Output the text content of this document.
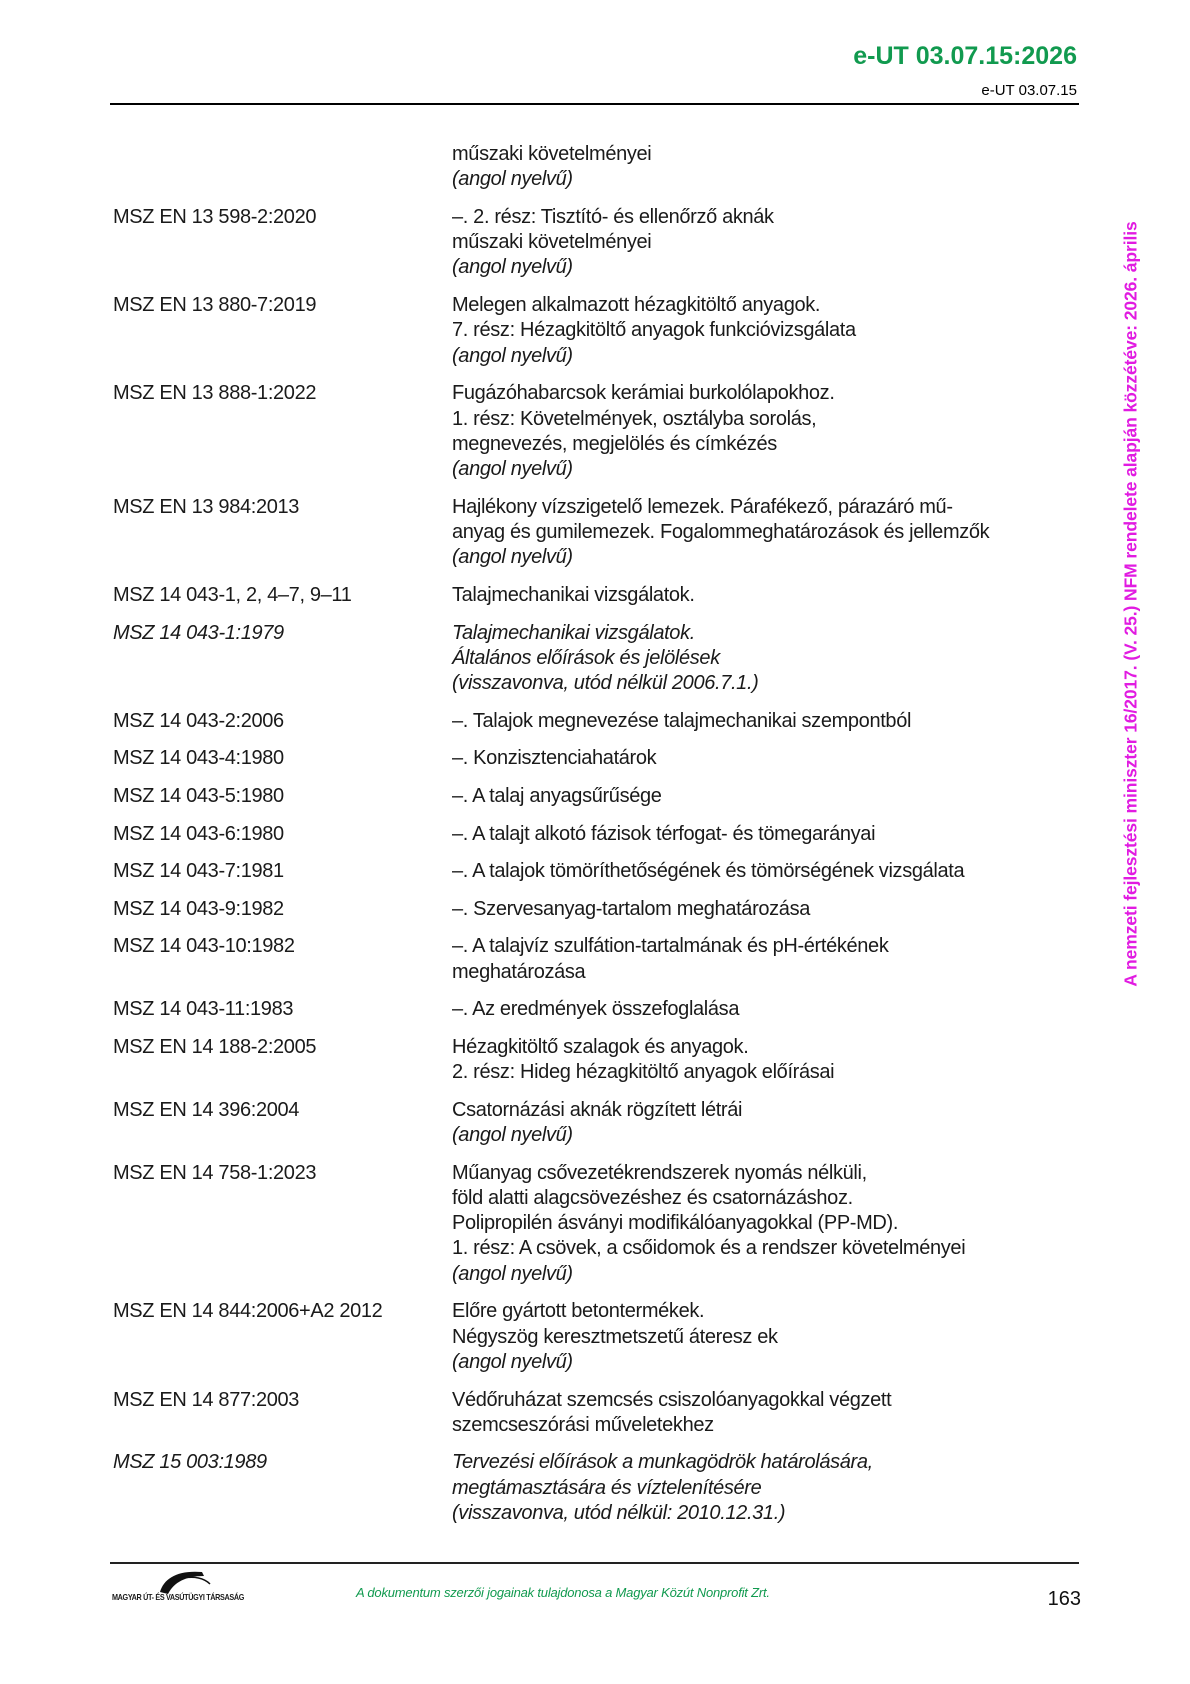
e-UT 03.07.15:2026
e-UT 03.07.15
műszaki követelményei
(angol nyelvű)
MSZ EN 13 598-2:2020	–. 2. rész: Tisztító- és ellenőrző aknák
műszaki követelményei
(angol nyelvű)
MSZ EN 13 880-7:2019	Melegen alkalmazott hézagkitöltő anyagok.
7. rész: Hézagkitöltő anyagok funkcióvizsgálata
(angol nyelvű)
MSZ EN 13 888-1:2022	Fugázóhabarcsok kerámiai burkolólapokhoz.
1. rész: Követelmények, osztályba sorolás,
megnevezés, megjelölés és címkézés
(angol nyelvű)
MSZ EN 13 984:2013	Hajlékony vízszigetelő lemezek. Párafékező, párazáró mű-
anyag és gumilemezek. Fogalommeghatározások és jellemzők
(angol nyelvű)
MSZ 14 043-1, 2, 4–7, 9–11	Talajmechanikai vizsgálatok.
MSZ 14 043-1:1979	Talajmechanikai vizsgálatok.
Általános előírások és jelölések
(visszavonva, utód nélkül 2006.7.1.)
MSZ 14 043-2:2006	–. Talajok megnevezése talajmechanikai szempontból
MSZ 14 043-4:1980	–. Konzisztenciahatárok
MSZ 14 043-5:1980	–. A talaj anyagsűrűsége
MSZ 14 043-6:1980	–. A talajt alkotó fázisok térfogat- és tömegarányai
MSZ 14 043-7:1981	–. A talajok tömöríthetőségének és tömörségének vizsgálata
MSZ 14 043-9:1982	–. Szervesanyag-tartalom meghatározása
MSZ 14 043-10:1982	–. A talajvíz szulfátion-tartalmának és pH-értékének
meghatározása
MSZ 14 043-11:1983	–. Az eredmények összefoglalása
MSZ EN 14 188-2:2005	Hézagkitöltő szalagok és anyagok.
2. rész: Hideg hézagkitöltő anyagok előírásai
MSZ EN 14 396:2004	Csatornázási aknák rögzített létrái
(angol nyelvű)
MSZ EN 14 758-1:2023	Műanyag csővezetékrendszerek nyomás nélküli,
föld alatti alagcsövezéshez és csatornázáshoz.
Polipropilén ásványi modifikálóanyagokkal (PP-MD).
1. rész: A csövek, a csőidomok és a rendszer követelményei
(angol nyelvű)
MSZ EN 14 844:2006+A2 2012	Előre gyártott betontermékek.
Négyszög keresztmetszetű áteresz ek
(angol nyelvű)
MSZ EN 14 877:2003	Védőruházat szemcsés csiszolóanyagokkal végzett
szemcseszórási műveletekhez
MSZ 15 003:1989	Tervezési előírások a munkagödrök határolására,
megtámasztására és víztelenítésére
(visszavonva, utód nélkül: 2010.12.31.)
A nemzeti fejlesztési miniszter 16/2017. (V. 25.) NFM rendelete alapján közzétéve: 2026. április
MAGYAR ÚT- ÉS VASÚTÜGYI TÁRSASÁG	A dokumentum szerzői jogainak tulajdonosa a Magyar Közút Nonprofit Zrt.	163
